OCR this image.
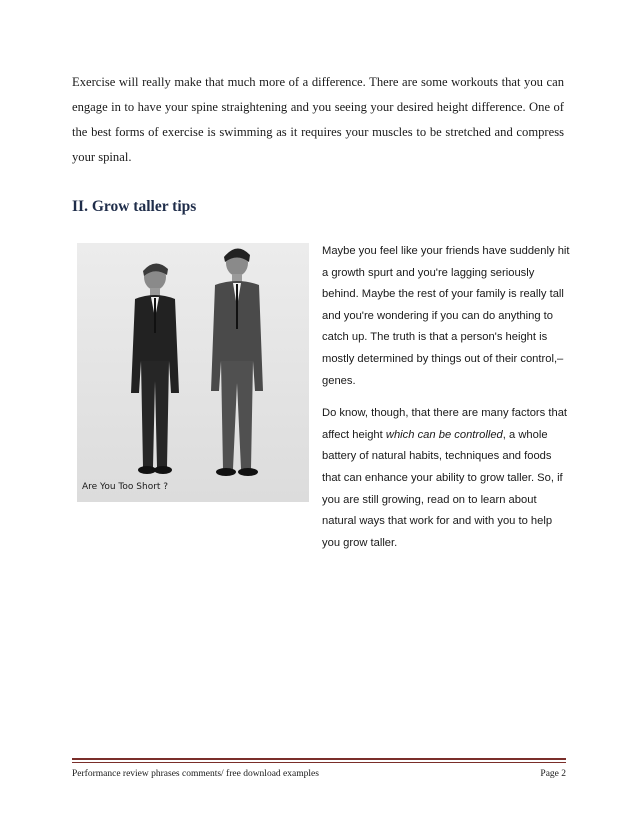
Exercise will really make that much more of a difference. There are some workouts that you can engage in to have your spine straightening and you seeing your desired height difference. One of the best forms of exercise is swimming as it requires your muscles to be stretched and compress your spinal.

II. Grow taller tips
Are You Too Short ?

Maybe you feel like your friends have suddenly hit a growth spurt and you're lagging seriously behind. Maybe the rest of your family is really tall and you're wondering if you can do anything to catch up. The truth is that a person's height is mostly determined by things out of their control,– genes.

Do know, though, that there are many factors that affect height which can be controlled, a whole battery of natural habits, techniques and foods that can enhance your ability to grow taller. So, if you are still growing, read on to learn about natural ways that work for and with you to help you grow taller.

Performance review phrases comments/ free download examples	Page 2
